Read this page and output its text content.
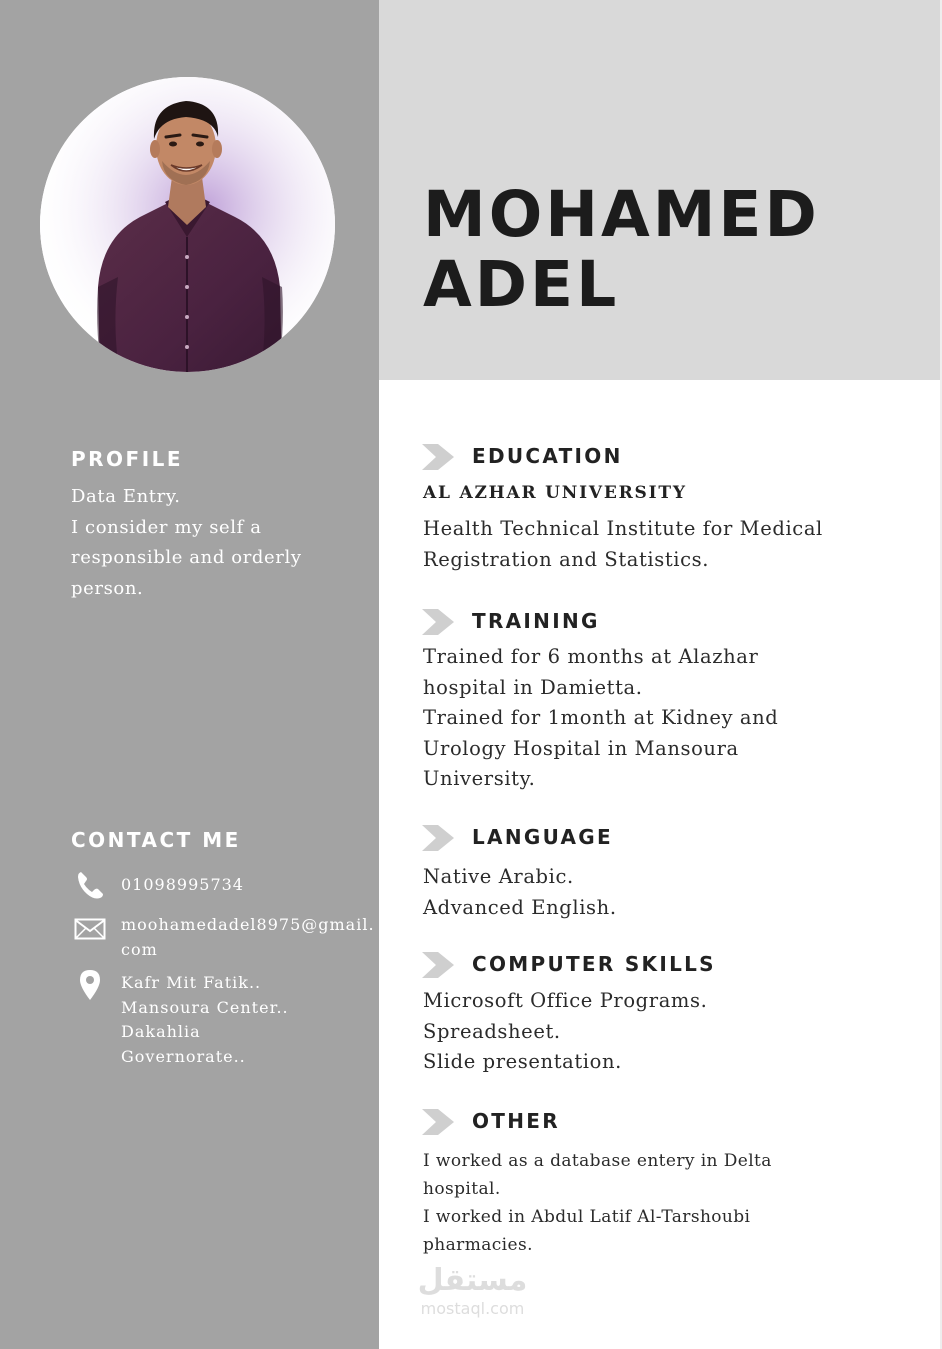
MOHAMED
ADEL
PROFILE

Data Entry.
I consider my self a
responsible and orderly
person.

CONTACT ME

01098995734

moohamedadel8975@gmail.
com

Kafr Mit Fatik..
Mansoura Center..
Dakahlia
Governorate..

EDUCATION

AL AZHAR UNIVERSITY

Health Technical Institute for Medical
Registration and Statistics.

TRAINING

Trained for 6 months at Alazhar
hospital in Damietta.
Trained for 1month at Kidney and
Urology Hospital in Mansoura
University.

LANGUAGE

Native Arabic.
Advanced English.

COMPUTER SKILLS

Microsoft Office Programs.
Spreadsheet.
Slide presentation.

OTHER

I worked as a database entery in Delta
hospital.
I worked in Abdul Latif Al-Tarshoubi
pharmacies.

مستقل
mostaql.com
